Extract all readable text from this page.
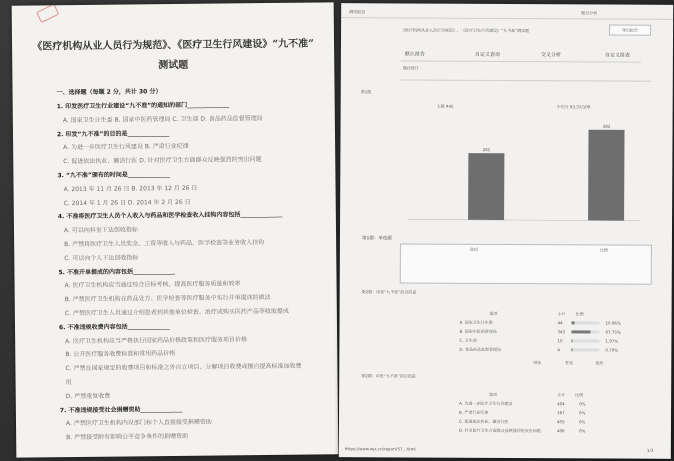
《医疗机构从业人员行为规范》、《医疗卫生行风建设》“九不准”
测试题
一、选择题（每题 2 分，共计 30 分）
1. 印发医疗卫生行业建设“九不准”的通知的部门______________
A. 国家卫生计生委 B. 国家中医药管理局 C. 卫生部 D. 食品药品监督管理局
2. 印发“九不准”的目的是______________
A. 为进一步医疗卫生行风建设 B. 严肃行业纪律
C. 促进依法执业、廉洁行医 D. 针对医疗卫生方面群众反映强烈的突出问题
3. “九不准”颁布的时间是______________
A. 2013 年 11 月 26 日 B. 2013 年 12 月 26 日
C. 2014 年 1 月 26 日 D. 2014 年 2 月 26 日
4. 不准将医疗卫生人员个人收入与药品和医学检查收入挂钩内容包括______________
A. 可以向科室下达创收指标
B. 严禁将医疗卫生人员奖金、工资等收入与药品、医学检查等业务收入挂钩
C. 可以向个人下达创收指标
5. 不准开单提成的内容包括______________
A. 医疗卫生机构应当通过综合目标考核，提高医疗服务质量和效率
B. 严禁医疗卫生机构在药品处方、医学检查等医疗服务中实行开单提成的做法
C. 严禁医疗卫生人员通过介绍患者到其他单位检查、治疗或购买医药产品等收取提成
6. 不准违规收费内容包括______________
A. 医疗卫生机构应当严格执行国家药品价格政策和医疗服务项目价格
B. 公开医疗服务收费标准和常用药品价格
C. 严禁在国家规定的收费项目和标准之外自立项目、分解项目收费或擅自提高标准加收费
用
D. 严禁重复收费
7. 不准违规接受社会捐赠资助______________
A. 严禁医疗卫生机构内设部门和个人直接接受捐赠资助
B. 严禁接受附有影响公平竞争条件的捐赠资助
测试报表	题目分析
《医疗机构从业人员行为规范》、《医疗卫生行风建设》“九不准”测试题	导出报告
默认报告	自定义查询	交叉分析	自定义报表
题目统计
第1题
人数 445	平均分 93.37/100
281
382
第1题：单选题
选项	比例
第2题：印发“九不准”的目的是
选项	小计 比例
A. 国家卫生计生委	44	10.96%
B. 国家中医药管理局	343	67.75%
C. 卫生部	10	1.97%
D. 食品药品监督管理局	4	0.79%
饼状	柱状	条形
第2题：印发“九不准”的目的是
选项	小计 比例
A. 为进一步医疗卫生行风建设	404	0%
B. 严肃行业纪律	367	0%
C. 促进依法执业、廉洁行医	405	0%
D. 针对医疗卫生方面群众反映强烈的突出问题	406	0%
https://www.wjx.cn/report/57...html	1/3
